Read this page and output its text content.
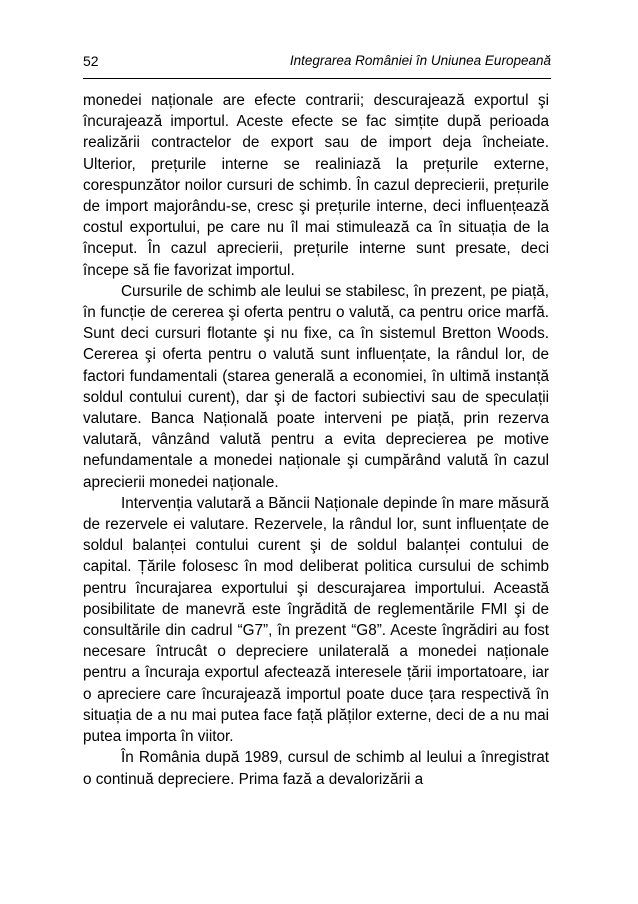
52	Integrarea României în Uniunea Europeană

monedei naționale are efecte contrarii; descurajează exportul şi încurajează importul. Aceste efecte se fac simțite după perioada realizării contractelor de export sau de import deja încheiate. Ulterior, prețurile interne se realiniază la prețurile externe, corespunzător noilor cursuri de schimb. În cazul deprecierii, prețurile de import majorându-se, cresc şi prețurile interne, deci influențează costul exportului, pe care nu îl mai stimulează ca în situația de la început. În cazul aprecierii, prețurile interne sunt presate, deci începe să fie favorizat importul.

Cursurile de schimb ale leului se stabilesc, în prezent, pe piață, în funcție de cererea şi oferta pentru o valută, ca pentru orice marfă. Sunt deci cursuri flotante şi nu fixe, ca în sistemul Bretton Woods. Cererea şi oferta pentru o valută sunt influențate, la rândul lor, de factori fundamentali (starea generală a economiei, în ultimă instanță soldul contului curent), dar şi de factori subiectivi sau de speculații valutare. Banca Națională poate interveni pe piață, prin rezerva valutară, vânzând valută pentru a evita deprecierea pe motive nefundamentale a monedei naționale şi cumpărând valută în cazul aprecierii monedei naționale.

Intervenția valutară a Băncii Naționale depinde în mare măsură de rezervele ei valutare. Rezervele, la rândul lor, sunt influențate de soldul balanței contului curent şi de soldul balanței contului de capital. Țările folosesc în mod deliberat politica cursului de schimb pentru încurajarea exportului şi descurajarea importului. Această posibilitate de manevră este îngrădită de reglementările FMI şi de consultările din cadrul “G7”, în prezent “G8”. Aceste îngrădiri au fost necesare întrucât o depreciere unilaterală a monedei naționale pentru a încuraja exportul afectează interesele țării importatoare, iar o apreciere care încurajează importul poate duce țara respectivă în situația de a nu mai putea face față plăților externe, deci de a nu mai putea importa în viitor.

În România după 1989, cursul de schimb al leului a înregistrat o continuă depreciere. Prima fază a devalorizării a
